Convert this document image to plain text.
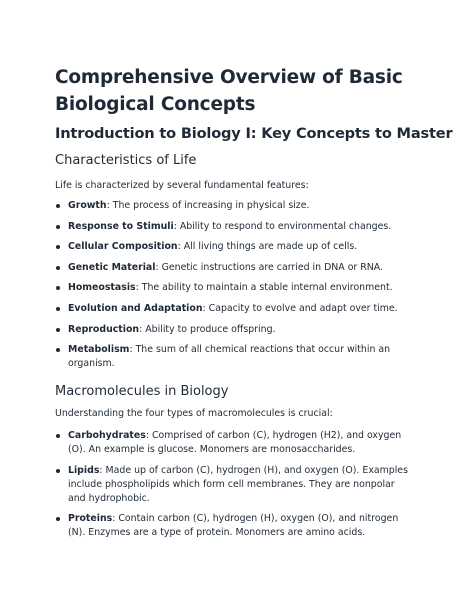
Comprehensive Overview of Basic Biological Concepts
Introduction to Biology I: Key Concepts to Master
Characteristics of Life
Life is characterized by several fundamental features:
Growth: The process of increasing in physical size.
Response to Stimuli: Ability to respond to environmental changes.
Cellular Composition: All living things are made up of cells.
Genetic Material: Genetic instructions are carried in DNA or RNA.
Homeostasis: The ability to maintain a stable internal environment.
Evolution and Adaptation: Capacity to evolve and adapt over time.
Reproduction: Ability to produce offspring.
Metabolism: The sum of all chemical reactions that occur within an organism.
Macromolecules in Biology
Understanding the four types of macromolecules is crucial:
Carbohydrates: Comprised of carbon (C), hydrogen (H2), and oxygen (O). An example is glucose. Monomers are monosaccharides.
Lipids: Made up of carbon (C), hydrogen (H), and oxygen (O). Examples include phospholipids which form cell membranes. They are nonpolar and hydrophobic.
Proteins: Contain carbon (C), hydrogen (H), oxygen (O), and nitrogen (N). Enzymes are a type of protein. Monomers are amino acids.
